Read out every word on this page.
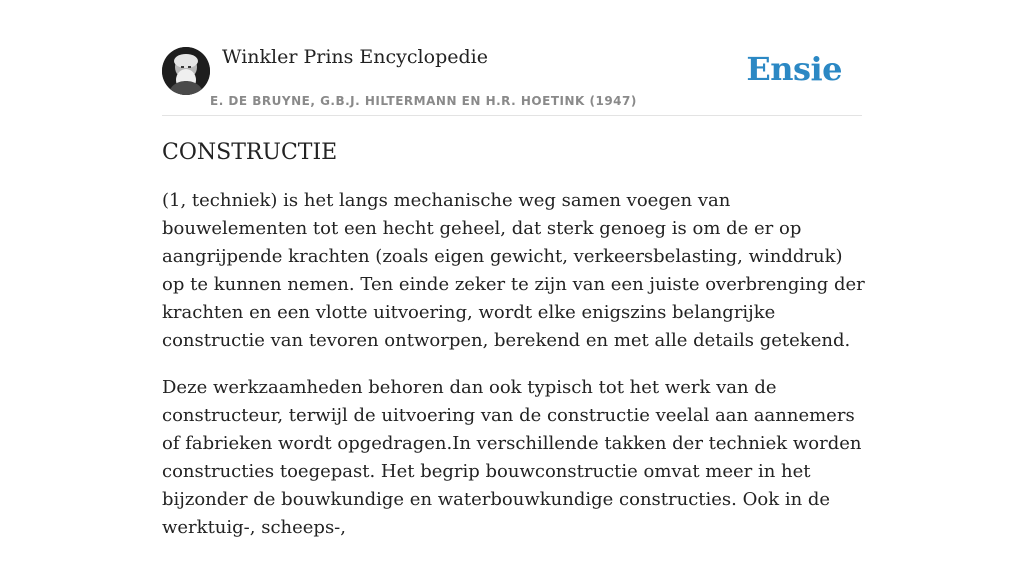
Winkler Prins Encyclopedie
E. DE BRUYNE, G.B.J. HILTERMANN EN H.R. HOETINK (1947)
Ensie
CONSTRUCTIE

(1, techniek) is het langs mechanische weg samen voegen van bouwelementen tot een hecht geheel, dat sterk genoeg is om de er op aangrijpende krachten (zoals eigen gewicht, verkeersbelasting, winddruk) op te kunnen nemen. Ten einde zeker te zijn van een juiste overbrenging der krachten en een vlotte uitvoering, wordt elke enigszins belangrijke constructie van tevoren ontworpen, berekend en met alle details getekend.

Deze werkzaamheden behoren dan ook typisch tot het werk van de constructeur, terwijl de uitvoering van de constructie veelal aan aannemers of fabrieken wordt opgedragen.In verschillende takken der techniek worden constructies toegepast. Het begrip bouwconstructie omvat meer in het bijzonder de bouwkundige en waterbouwkundige constructies. Ook in de werktuig-, scheeps-,
